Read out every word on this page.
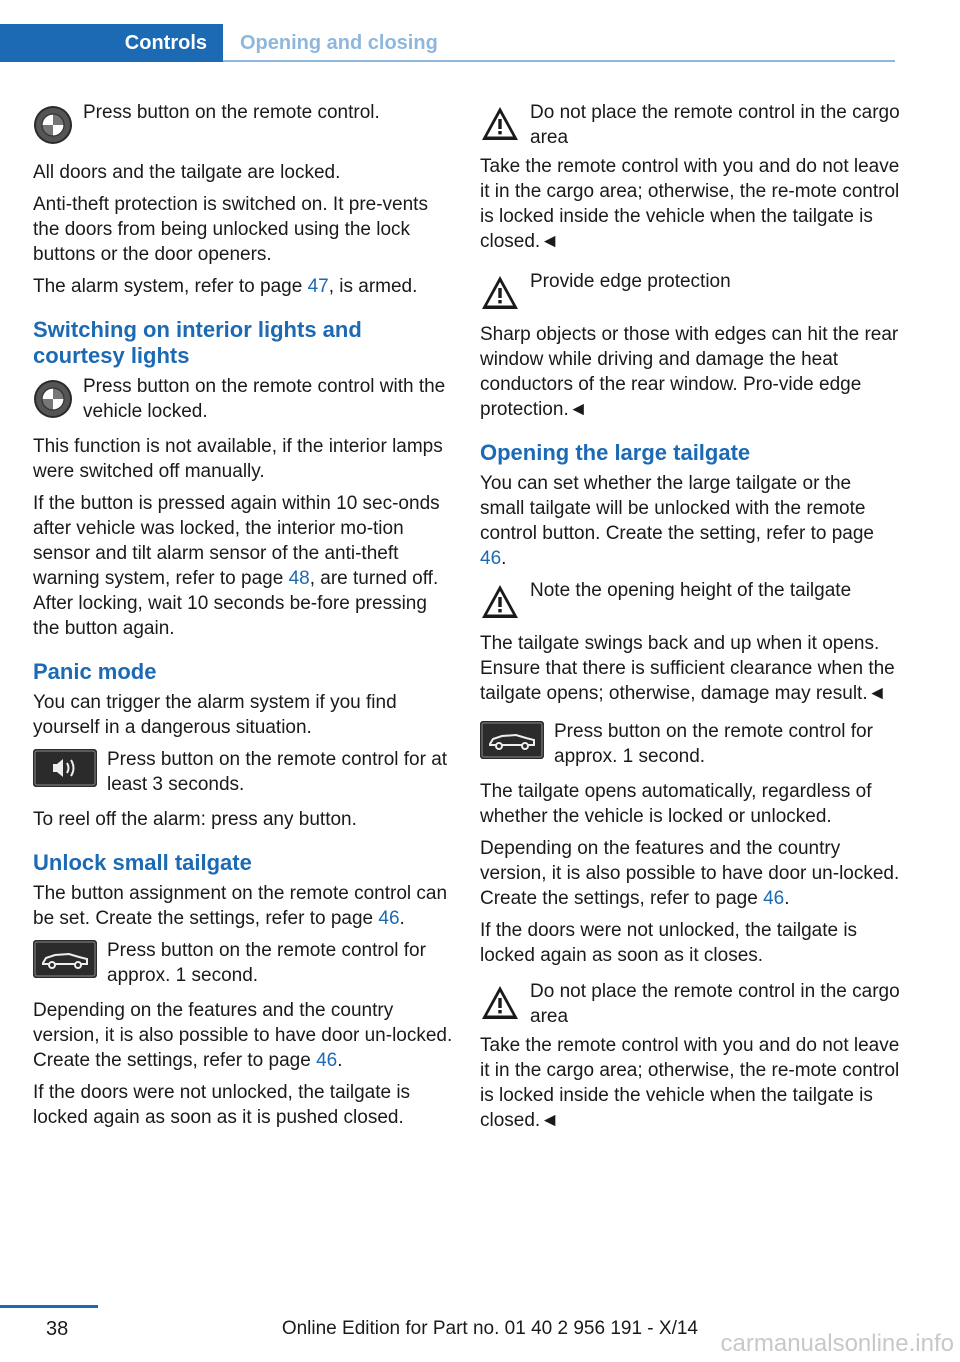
Controls Opening and closing

Press button on the remote control.

All doors and the tailgate are locked.

Anti-theft protection is switched on. It pre-vents the doors from being unlocked using the lock buttons or the door openers.

The alarm system, refer to page 47, is armed.

Switching on interior lights and courtesy lights

Press button on the remote control with the vehicle locked.

This function is not available, if the interior lamps were switched off manually.

If the button is pressed again within 10 sec-onds after vehicle was locked, the interior mo-tion sensor and tilt alarm sensor of the anti-theft warning system, refer to page 48, are turned off. After locking, wait 10 seconds be-fore pressing the button again.

Panic mode

You can trigger the alarm system if you find yourself in a dangerous situation.

Press button on the remote control for at least 3 seconds.

To reel off the alarm: press any button.

Unlock small tailgate

The button assignment on the remote control can be set. Create the settings, refer to page 46.

Press button on the remote control for approx. 1 second.

Depending on the features and the country version, it is also possible to have door un-locked. Create the settings, refer to page 46.

If the doors were not unlocked, the tailgate is locked again as soon as it is pushed closed.

Do not place the remote control in the cargo area

Take the remote control with you and do not leave it in the cargo area; otherwise, the re-mote control is locked inside the vehicle when the tailgate is closed.◄

Provide edge protection

Sharp objects or those with edges can hit the rear window while driving and damage the heat conductors of the rear window. Pro-vide edge protection.◄

Opening the large tailgate

You can set whether the large tailgate or the small tailgate will be unlocked with the remote control button. Create the setting, refer to page 46.

Note the opening height of the tailgate

The tailgate swings back and up when it opens. Ensure that there is sufficient clearance when the tailgate opens; otherwise, damage may result.◄

Press button on the remote control for approx. 1 second.

The tailgate opens automatically, regardless of whether the vehicle is locked or unlocked.

Depending on the features and the country version, it is also possible to have door un-locked. Create the settings, refer to page 46.

If the doors were not unlocked, the tailgate is locked again as soon as it closes.

Do not place the remote control in the cargo area

Take the remote control with you and do not leave it in the cargo area; otherwise, the re-mote control is locked inside the vehicle when the tailgate is closed.◄

38	Online Edition for Part no. 01 40 2 956 191 - X/14
carmanualsonline.info
